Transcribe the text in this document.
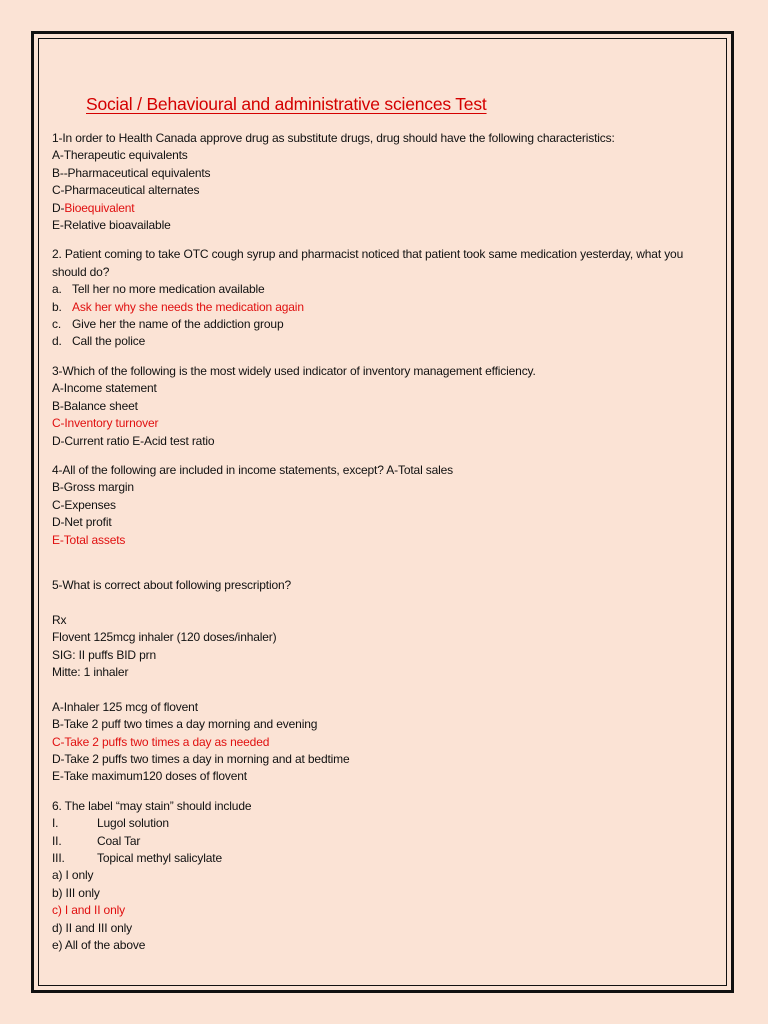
Social / Behavioural and administrative sciences Test
1-In order to Health Canada approve drug as substitute drugs, drug should have the following characteristics:
A-Therapeutic equivalents
B--Pharmaceutical equivalents
C-Pharmaceutical alternates
D-Bioequivalent
E-Relative bioavailable
2. Patient coming to take OTC cough syrup and pharmacist noticed that patient took same medication yesterday, what you should do?
a. Tell her no more medication available
b. Ask her why she needs the medication again
c. Give her the name of the addiction group
d. Call the police
3-Which of the following is the most widely used indicator of inventory management efficiency.
A-Income statement
B-Balance sheet
C-Inventory turnover
D-Current ratio E-Acid test ratio
4-All of the following are included in income statements, except? A-Total sales
B-Gross margin
C-Expenses
D-Net profit
E-Total assets
5-What is correct about following prescription?
Rx
Flovent 125mcg inhaler (120 doses/inhaler)
SIG: II puffs BID prn
Mitte: 1 inhaler
A-Inhaler 125 mcg of flovent
B-Take 2 puff two times a day morning and evening
C-Take 2 puffs two times a day as needed
D-Take 2 puffs two times a day in morning and at bedtime
E-Take maximum120 doses of flovent
6. The label “may stain” should include
I.	Lugol solution
II.	Coal Tar
III.	Topical methyl salicylate
a) I only
b) III only
c) I and II only
d) II and III only
e) All of the above
